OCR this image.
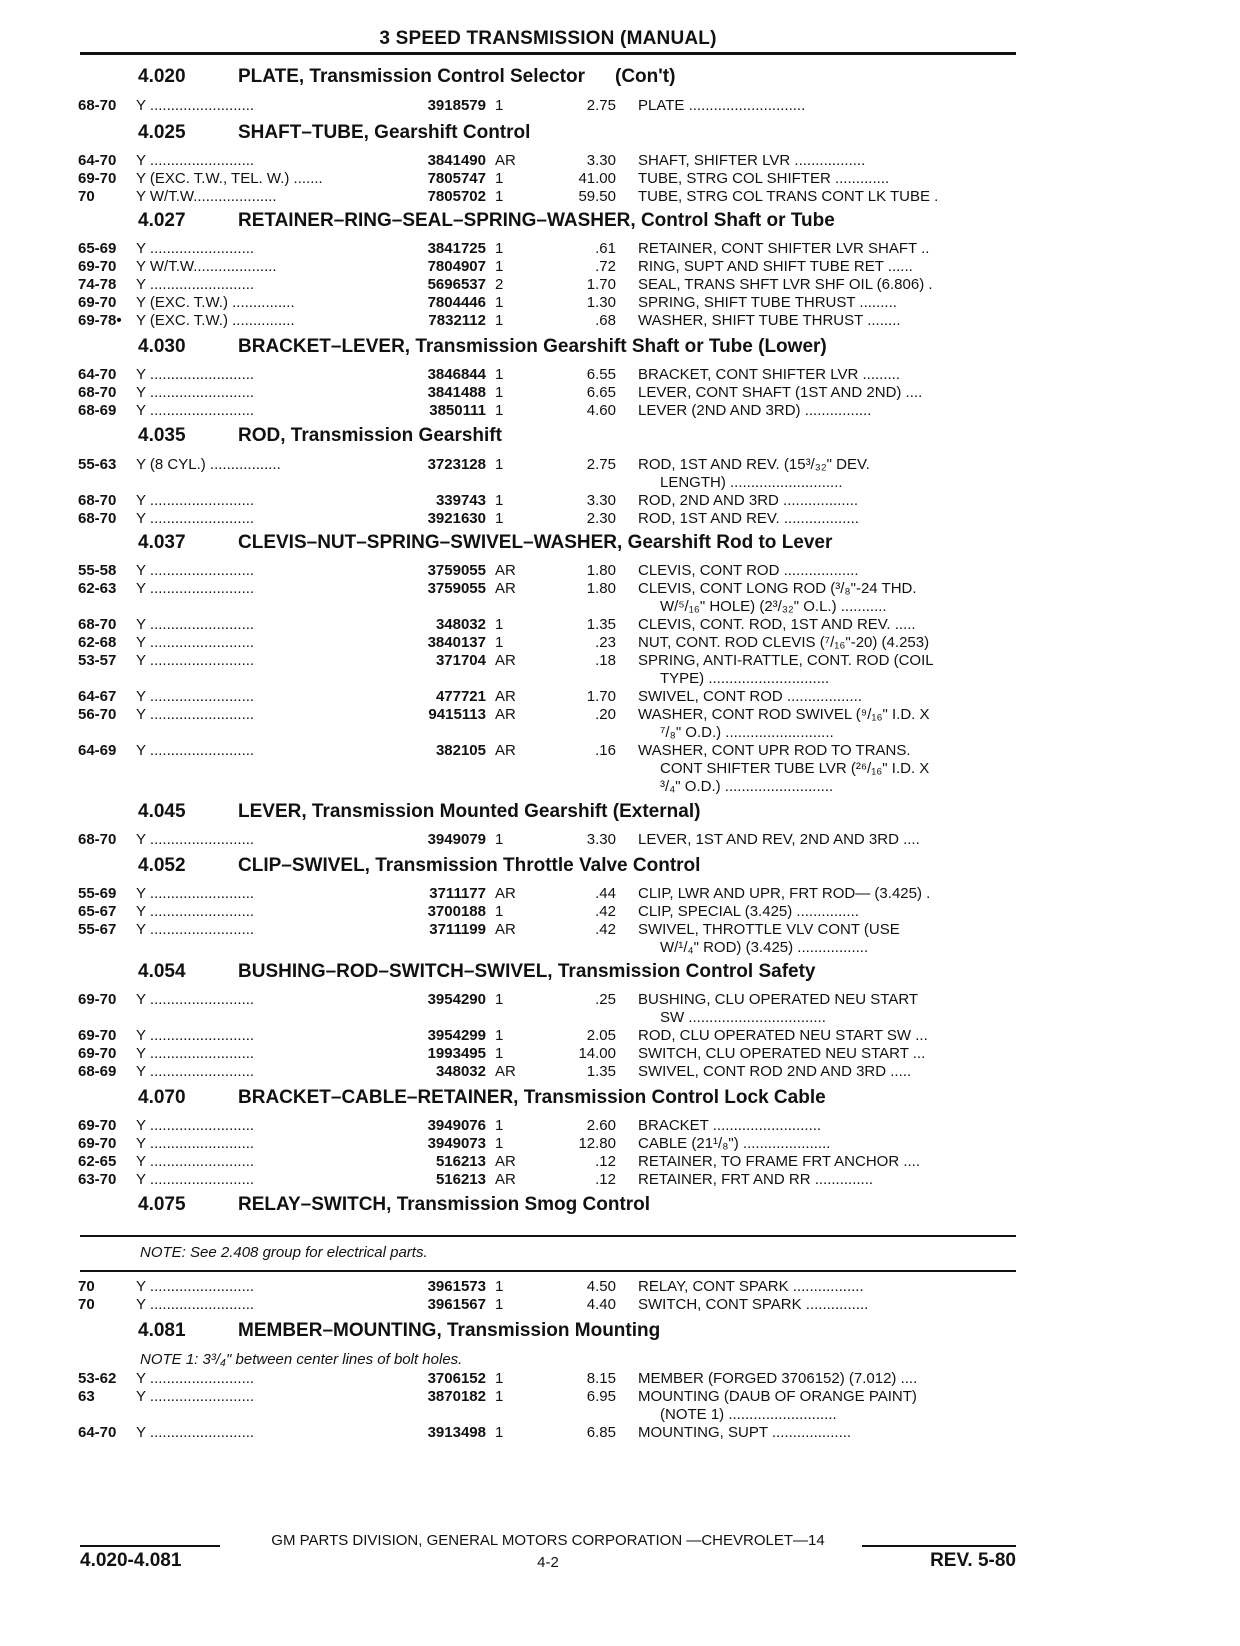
3 SPEED TRANSMISSION (MANUAL)
4.020	PLATE, Transmission Control Selector (Con't)
68-70 Y .........................	3918579 1	2.75 PLATE ............................
4.025	SHAFT–TUBE, Gearshift Control
64-70 Y .........................	3841490 AR	3.30 SHAFT, SHIFTER LVR .................
69-70 Y (EXC. T.W., TEL. W.) .......	7805747 1	41.00 TUBE, STRG COL SHIFTER .............
70	Y W/T.W....................	7805702 1	59.50 TUBE, STRG COL TRANS CONT LK TUBE .
4.027	RETAINER–RING–SEAL–SPRING–WASHER, Control Shaft or Tube
65-69 Y .........................	3841725 1	.61 RETAINER, CONT SHIFTER LVR SHAFT ..
69-70 Y W/T.W....................	7804907 1	.72 RING, SUPT AND SHIFT TUBE RET ......
74-78 Y .........................	5696537 2	1.70 SEAL, TRANS SHFT LVR SHF OIL (6.806) .
69-70 Y (EXC. T.W.) ...............	7804446 1	1.30 SPRING, SHIFT TUBE THRUST .........
69-78• Y (EXC. T.W.) ...............	7832112 1	.68 WASHER, SHIFT TUBE THRUST ........
4.030	BRACKET–LEVER, Transmission Gearshift Shaft or Tube (Lower)
64-70 Y .........................	3846844 1	6.55 BRACKET, CONT SHIFTER LVR .........
68-70 Y .........................	3841488 1	6.65 LEVER, CONT SHAFT (1ST AND 2ND) ....
68-69 Y .........................	3850111 1	4.60 LEVER (2ND AND 3RD) ................
4.035	ROD, Transmission Gearshift
55-63 Y (8 CYL.) .................	3723128 1	2.75 ROD, 1ST AND REV. (15³/₃₂" DEV.
LENGTH) ...........................
68-70 Y .........................	339743 1	3.30 ROD, 2ND AND 3RD ..................
68-70 Y .........................	3921630 1	2.30 ROD, 1ST AND REV. ..................
4.037	CLEVIS–NUT–SPRING–SWIVEL–WASHER, Gearshift Rod to Lever
55-58 Y .........................	3759055 AR	1.80 CLEVIS, CONT ROD ..................
62-63 Y .........................	3759055 AR	1.80 CLEVIS, CONT LONG ROD (³/₈"-24 THD.
W/⁵/₁₆" HOLE) (2³/₃₂" O.L.) ...........
68-70 Y .........................	348032 1	1.35 CLEVIS, CONT. ROD, 1ST AND REV. .....
62-68 Y .........................	3840137 1	.23 NUT, CONT. ROD CLEVIS (⁷/₁₆"-20) (4.253)
53-57 Y .........................	371704 AR	.18 SPRING, ANTI-RATTLE, CONT. ROD (COIL
TYPE) .............................
64-67 Y .........................	477721 AR	1.70 SWIVEL, CONT ROD ..................
56-70 Y .........................	9415113 AR	.20 WASHER, CONT ROD SWIVEL (⁹/₁₆" I.D. X
⁷/₈" O.D.) ..........................
64-69 Y .........................	382105 AR	.16 WASHER, CONT UPR ROD TO TRANS.
CONT SHIFTER TUBE LVR (²⁶/₁₆" I.D. X
³/₄" O.D.) ..........................
4.045	LEVER, Transmission Mounted Gearshift (External)
68-70 Y .........................	3949079 1	3.30 LEVER, 1ST AND REV, 2ND AND 3RD ....
4.052	CLIP–SWIVEL, Transmission Throttle Valve Control
55-69 Y .........................	3711177 AR	.44 CLIP, LWR AND UPR, FRT ROD— (3.425) .
65-67 Y .........................	3700188 1	.42 CLIP, SPECIAL (3.425) ...............
55-67 Y .........................	3711199 AR	.42 SWIVEL, THROTTLE VLV CONT (USE
W/¹/₄" ROD) (3.425) .................
4.054	BUSHING–ROD–SWITCH–SWIVEL, Transmission Control Safety
69-70 Y .........................	3954290 1	.25 BUSHING, CLU OPERATED NEU START
SW .................................
69-70 Y .........................	3954299 1	2.05 ROD, CLU OPERATED NEU START SW ...
69-70 Y .........................	1993495 1	14.00 SWITCH, CLU OPERATED NEU START ...
68-69 Y .........................	348032 AR	1.35 SWIVEL, CONT ROD 2ND AND 3RD .....
4.070	BRACKET–CABLE–RETAINER, Transmission Control Lock Cable
69-70 Y .........................	3949076 1	2.60 BRACKET ..........................
69-70 Y .........................	3949073 1	12.80 CABLE (21¹/₈") .....................
62-65 Y .........................	516213 AR	.12 RETAINER, TO FRAME FRT ANCHOR ....
63-70 Y .........................	516213 AR	.12 RETAINER, FRT AND RR ..............
4.075	RELAY–SWITCH, Transmission Smog Control
NOTE: See 2.408 group for electrical parts.
70	Y .........................	3961573 1	4.50 RELAY, CONT SPARK .................
70	Y .........................	3961567 1	4.40 SWITCH, CONT SPARK ...............
4.081	MEMBER–MOUNTING, Transmission Mounting
NOTE 1: 3³/₄" between center lines of bolt holes.
53-62 Y .........................	3706152 1	8.15 MEMBER (FORGED 3706152) (7.012) ....
63	Y .........................	3870182 1	6.95 MOUNTING (DAUB OF ORANGE PAINT)
(NOTE 1) ..........................
64-70 Y .........................	3913498 1	6.85 MOUNTING, SUPT ...................
GM PARTS DIVISION, GENERAL MOTORS CORPORATION —CHEVROLET—14
4.020-4.081	4-2	REV. 5-80
